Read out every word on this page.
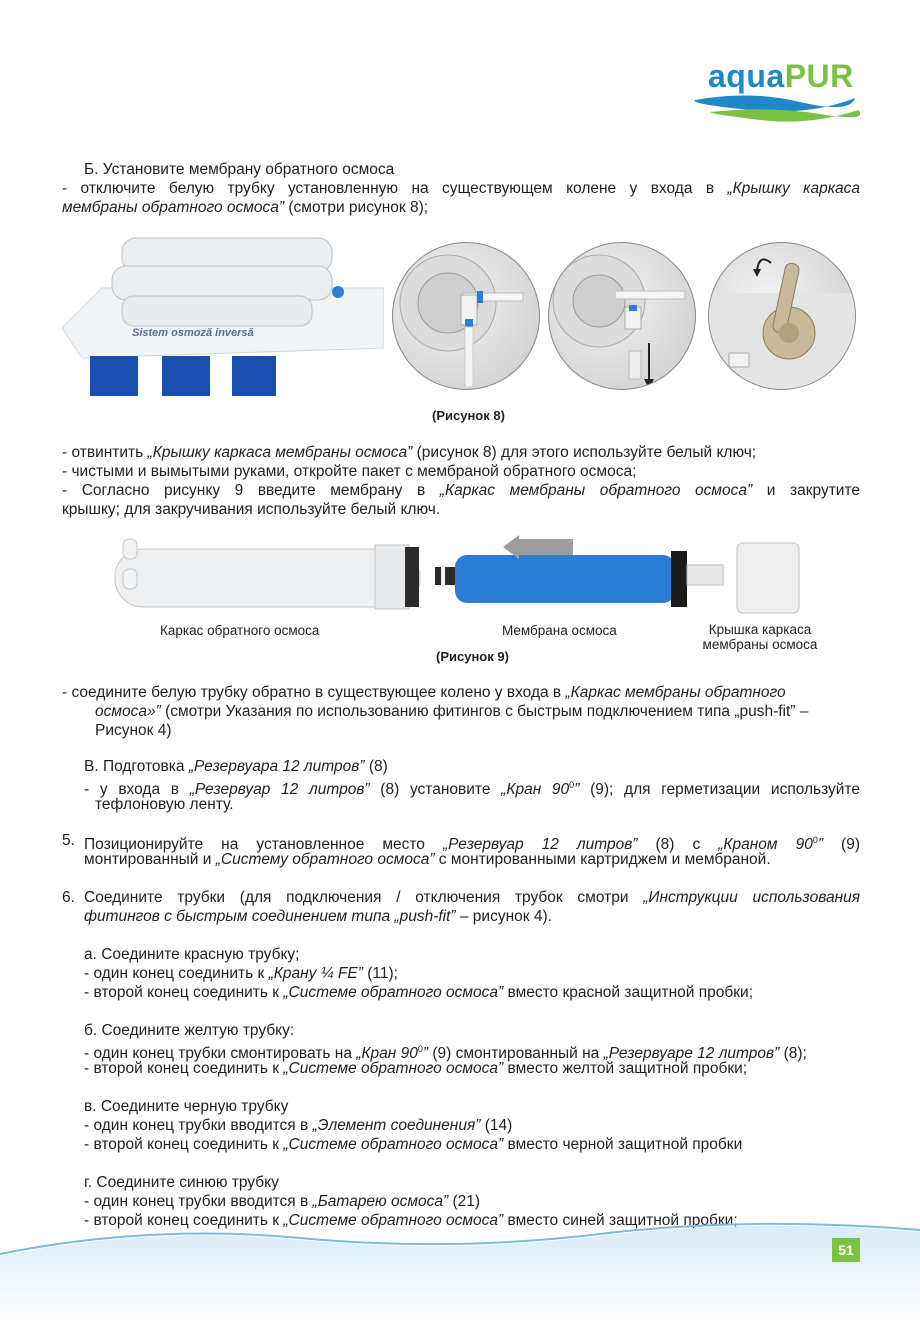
aquaPUR
Б. Установите мембрану обратного осмоса
- отключите белую трубку установленную на существующем колене у входа в „Крышку каркаса
мембраны обратного осмоса” (смотри рисунок 8);
Sistem osmoză inversă
(Рисунок 8)
- отвинтить „Крышку каркаса мембраны осмоса” (рисунок 8) для этого используйте белый ключ;
- чистыми и вымытыми руками, откройте пакет с мембраной обратного осмоса;
- Согласно рисунку 9 введите мембрану в „Каркас мембраны обратного осмоса” и закрутите
крышку; для закручивания используйте белый ключ.
Каркас обратного осмоса	Мембрана осмоса	Крышка каркаса
мембраны осмоса
(Рисунок 9)
- соедините белую трубку обратно в существующее колено у входа в „Каркас мембраны обратного
осмоса»” (смотри Указания по использованию фитингов с быстрым подключением типа „push-fit” –
Рисунок 4)
В. Подготовка „Резервуара 12 литров” (8)
- у входа в „Резервуар 12 литров” (8) установите „Кран $90^0$” (9); для герметизации используйте
тефлоновую ленту.
5. Позиционируйте на установленное место „Резервуар 12 литров” (8) с „Краном $90^0$” (9)
монтированный и „Систему обратного осмоса” с монтированными картриджем и мембраной.
6. Соедините трубки (для подключения / отключения трубок смотри „Инструкции использования
фитингов с быстрым соединением типа „push-fit” – рисунок 4).
а. Соедините красную трубку;
- один конец соединить к „Крану ¼ FE” (11);
- второй конец соединить к „Системе обратного осмоса” вместо красной защитной пробки;
б. Соедините желтую трубку:
- один конец трубки смонтировать на „Кран $90^0$” (9) смонтированный на „Резервуаре 12 литров” (8);
- второй конец соединить к „Системе обратного осмоса” вместо желтой защитной пробки;
в. Соедините черную трубку
- один конец трубки вводится в „Элемент соединения” (14)
- второй конец соединить к „Системе обратного осмоса” вместо черной защитной пробки
г. Соедините синюю трубку
- один конец трубки вводится в „Батарею осмоса” (21)
- второй конец соединить к „Системе обратного осмоса” вместо синей защитной пробки;
51
